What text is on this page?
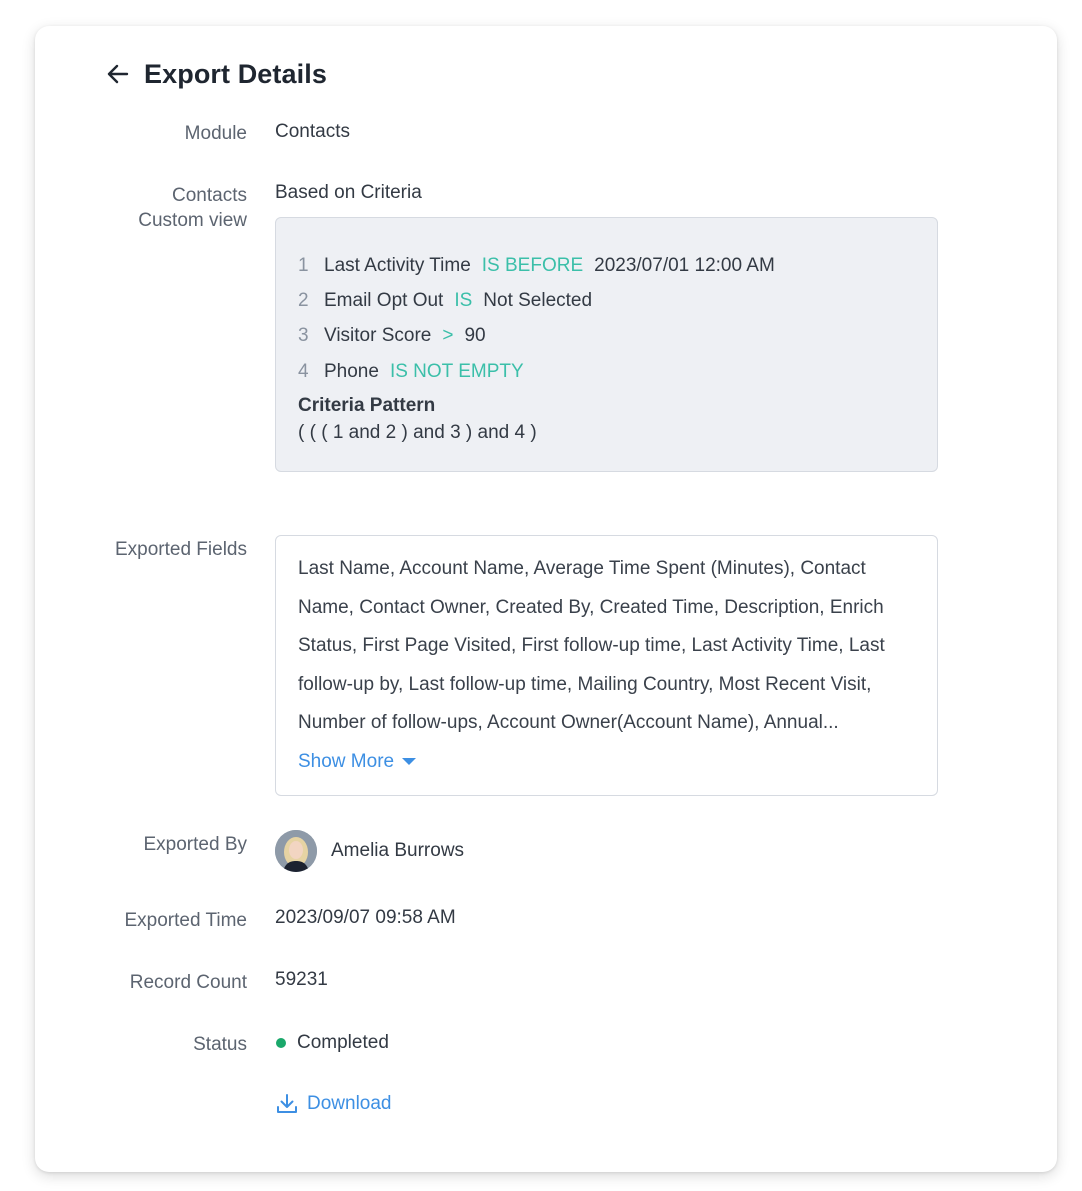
Export Details
Module Contacts
Contacts
Custom view
Based on Criteria
1 Last Activity Time IS BEFORE 2023/07/01 12:00 AM
2 Email Opt Out IS Not Selected
3 Visitor Score > 90
4 Phone IS NOT EMPTY
Criteria Pattern
( ( ( 1 and 2 ) and 3 ) and 4 )
Exported Fields
Last Name, Account Name, Average Time Spent (Minutes), Contact Name, Contact Owner, Created By, Created Time, Description, Enrich Status, First Page Visited, First follow-up time, Last Activity Time, Last follow-up by, Last follow-up time, Mailing Country, Most Recent Visit, Number of follow-ups, Account Owner(Account Name), Annual...
Show More
Exported By	Amelia Burrows
Exported Time 2023/09/07 09:58 AM
Record Count 59231
Status	Completed
Download
